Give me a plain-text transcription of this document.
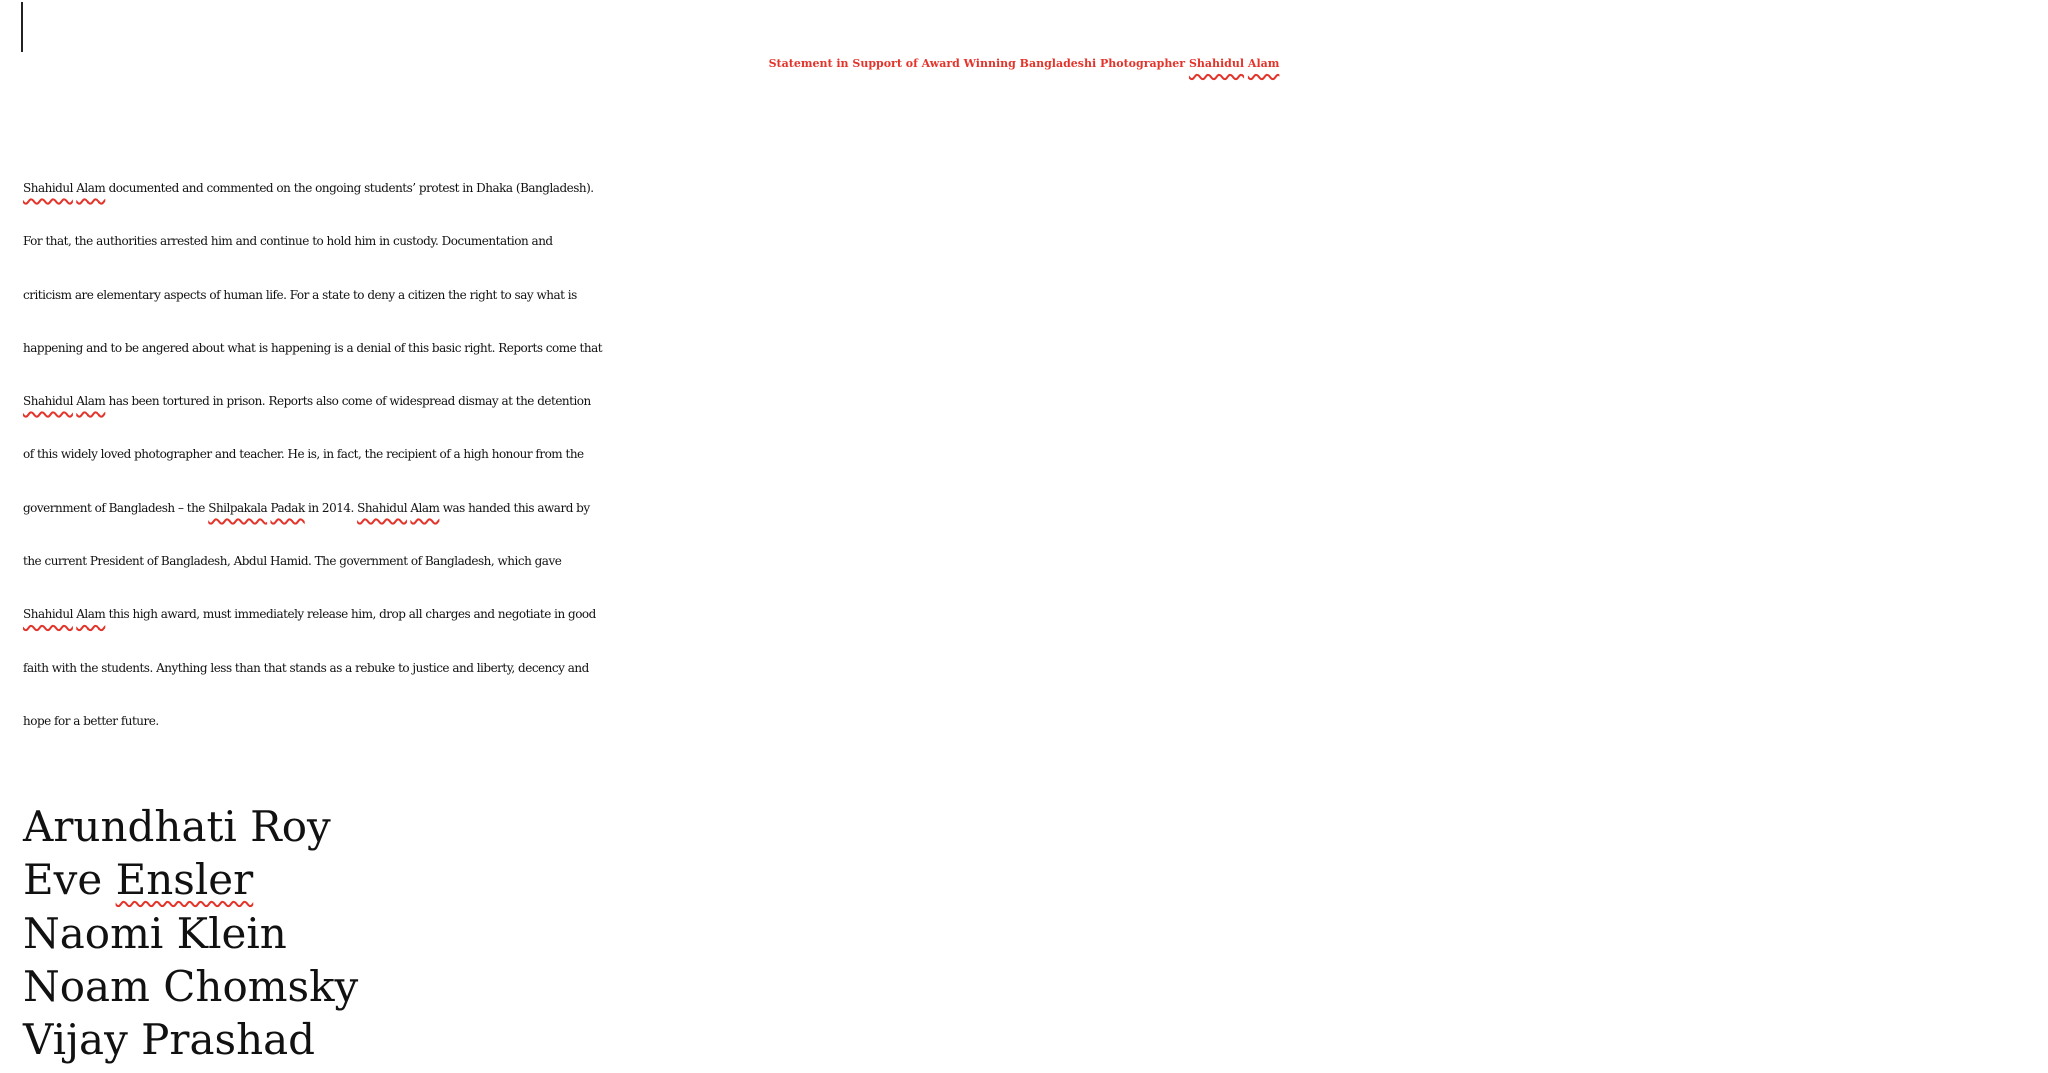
Statement in Support of Award Winning Bangladeshi Photographer Shahidul Alam

Shahidul Alam documented and commented on the ongoing students’ protest in Dhaka (Bangladesh).
For that, the authorities arrested him and continue to hold him in custody. Documentation and
criticism are elementary aspects of human life. For a state to deny a citizen the right to say what is
happening and to be angered about what is happening is a denial of this basic right. Reports come that
Shahidul Alam has been tortured in prison. Reports also come of widespread dismay at the detention
of this widely loved photographer and teacher. He is, in fact, the recipient of a high honour from the
government of Bangladesh – the Shilpakala Padak in 2014. Shahidul Alam was handed this award by
the current President of Bangladesh, Abdul Hamid. The government of Bangladesh, which gave
Shahidul Alam this high award, must immediately release him, drop all charges and negotiate in good
faith with the students. Anything less than that stands as a rebuke to justice and liberty, decency and
hope for a better future.

Arundhati Roy
Eve Ensler
Naomi Klein
Noam Chomsky
Vijay Prashad
